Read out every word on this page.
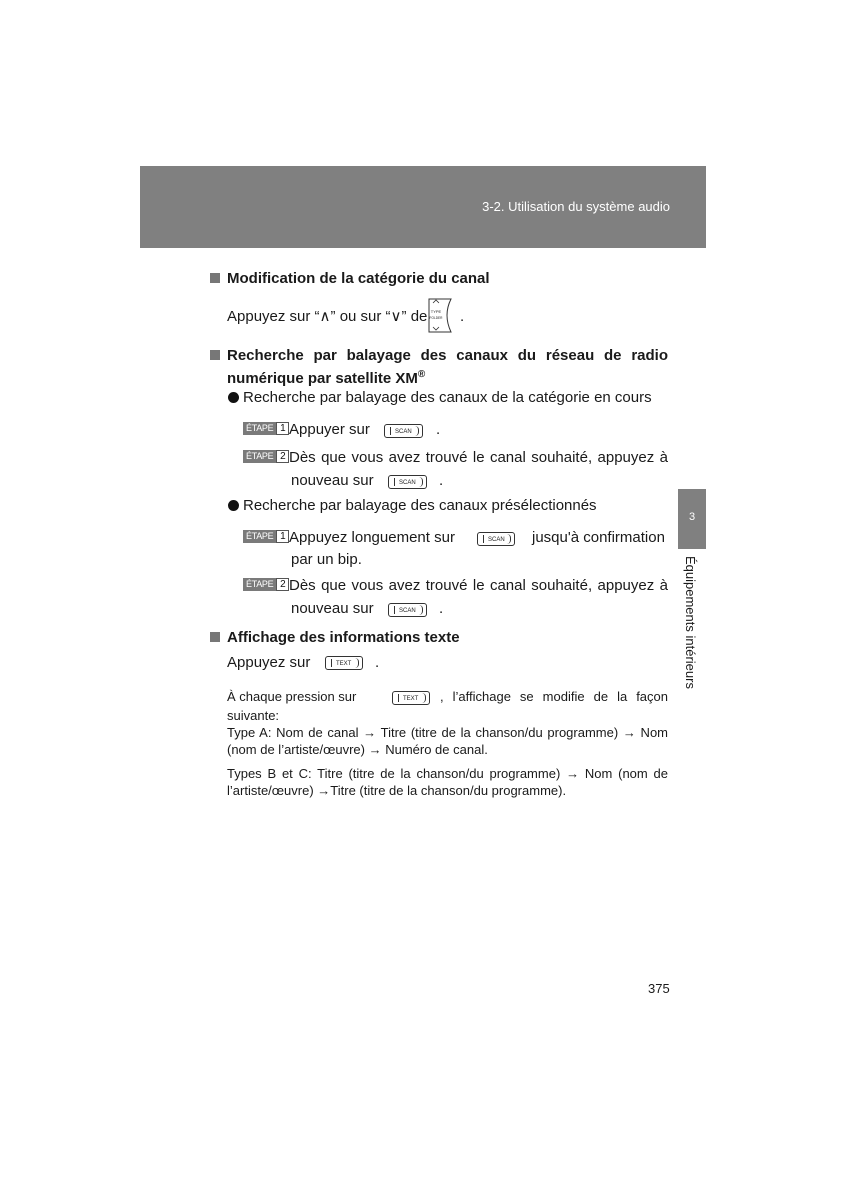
3-2. Utilisation du système audio
3
Équipements intérieurs
Modification de la catégorie du canal
Appuyez sur “∧” ou sur “∨” de TYPE
FOLDER .
Recherche par balayage des canaux du réseau de radio numérique par satellite XM®
Recherche par balayage des canaux de la catégorie en cours
ÉTAPE 1 Appuyer sur	SCAN	.
ÉTAPE 2 Dès que vous avez trouvé le canal souhaité, appuyez à
nouveau sur	SCAN	.
Recherche par balayage des canaux présélectionnés
ÉTAPE 1 Appuyez longuement sur	SCAN	jusqu'à confirmation
par un bip.
ÉTAPE 2 Dès que vous avez trouvé le canal souhaité, appuyez à
nouveau sur	SCAN	.
Affichage des informations texte
Appuyez sur	TEXT	.
À chaque pression sur	TEXT	, l’affichage se modifie de la façon
suivante:
Type A: Nom de canal → Titre (titre de la chanson/du programme) → Nom
(nom de l’artiste/œuvre) → Numéro de canal.
Types B et C: Titre (titre de la chanson/du programme) → Nom (nom de
l’artiste/œuvre) →Titre (titre de la chanson/du programme).
375
